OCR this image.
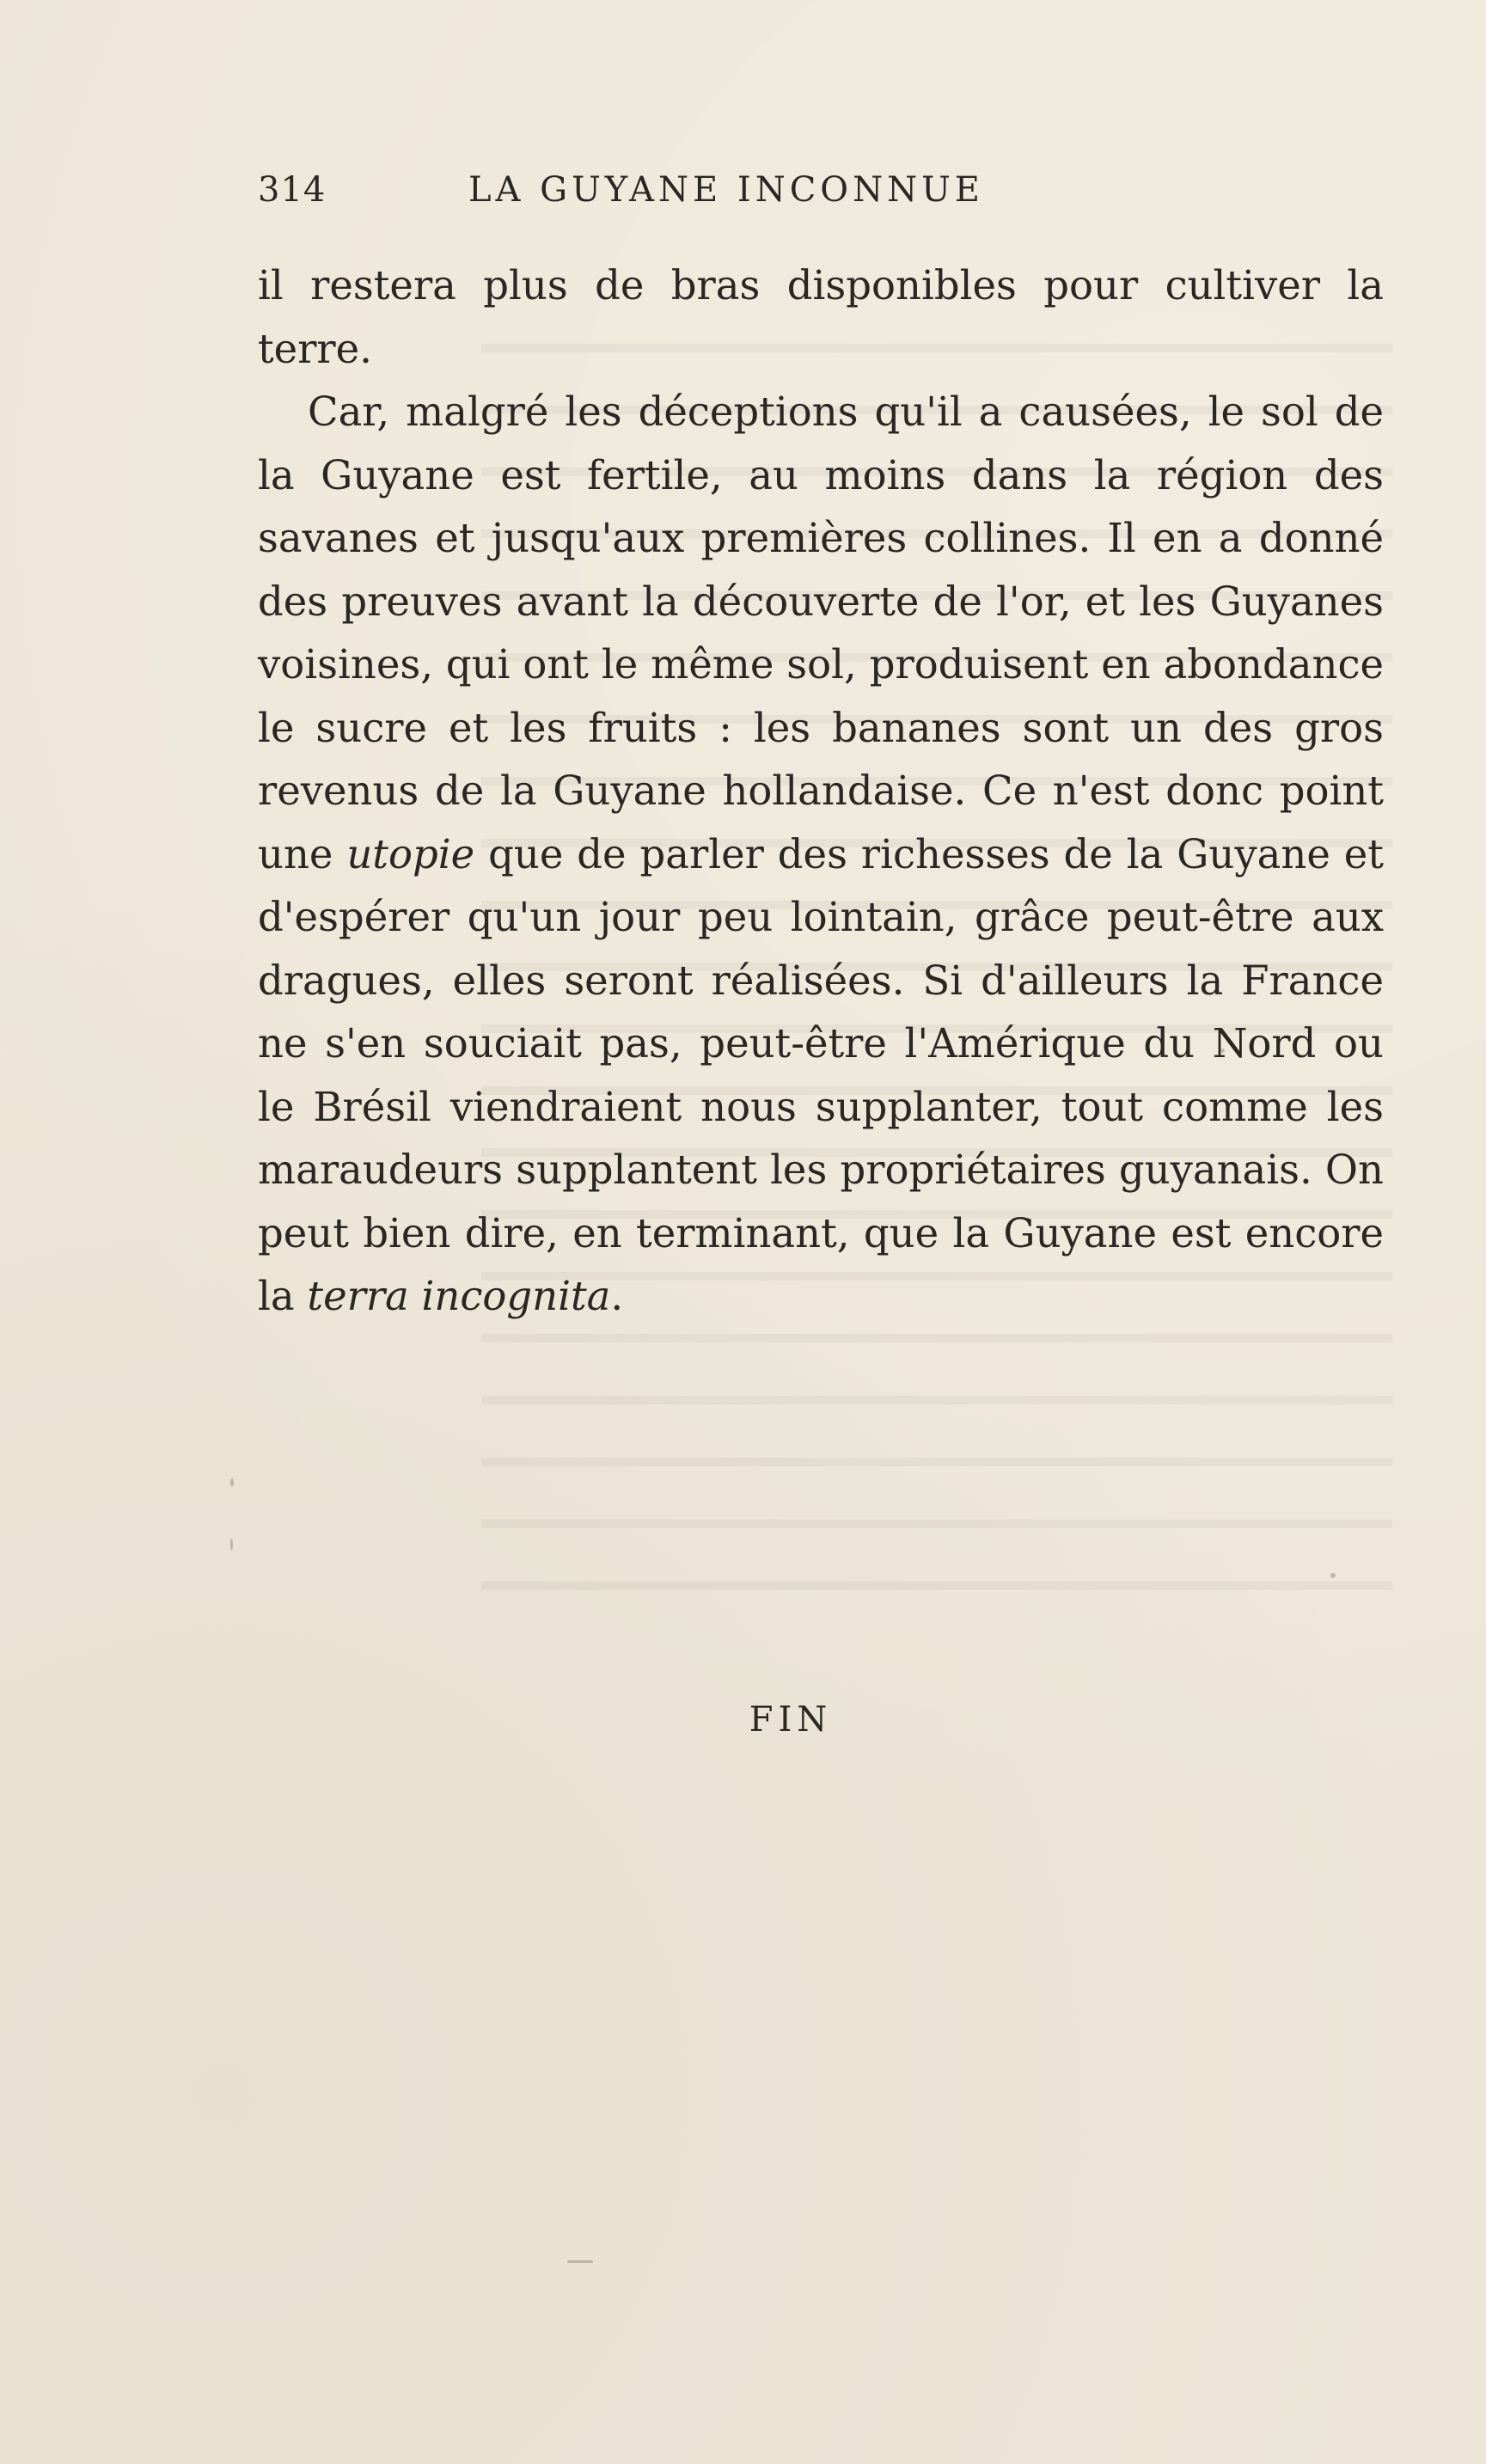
314	LA GUYANE INCONNUE

il restera plus de bras disponibles pour cultiver la terre.

Car, malgré les déceptions qu'il a causées, le sol de la Guyane est fertile, au moins dans la région des savanes et jusqu'aux premières collines. Il en a donné des preuves avant la découverte de l'or, et les Guyanes voisines, qui ont le même sol, produisent en abondance le sucre et les fruits : les bananes sont un des gros revenus de la Guyane hollandaise. Ce n'est donc point une utopie que de parler des richesses de la Guyane et d'espérer qu'un jour peu lointain, grâce peut-être aux dragues, elles seront réalisées. Si d'ailleurs la France ne s'en souciait pas, peut-être l'Amérique du Nord ou le Brésil viendraient nous supplanter, tout comme les maraudeurs supplantent les propriétaires guyanais. On peut bien dire, en terminant, que la Guyane est encore la terra incognita.

FIN
